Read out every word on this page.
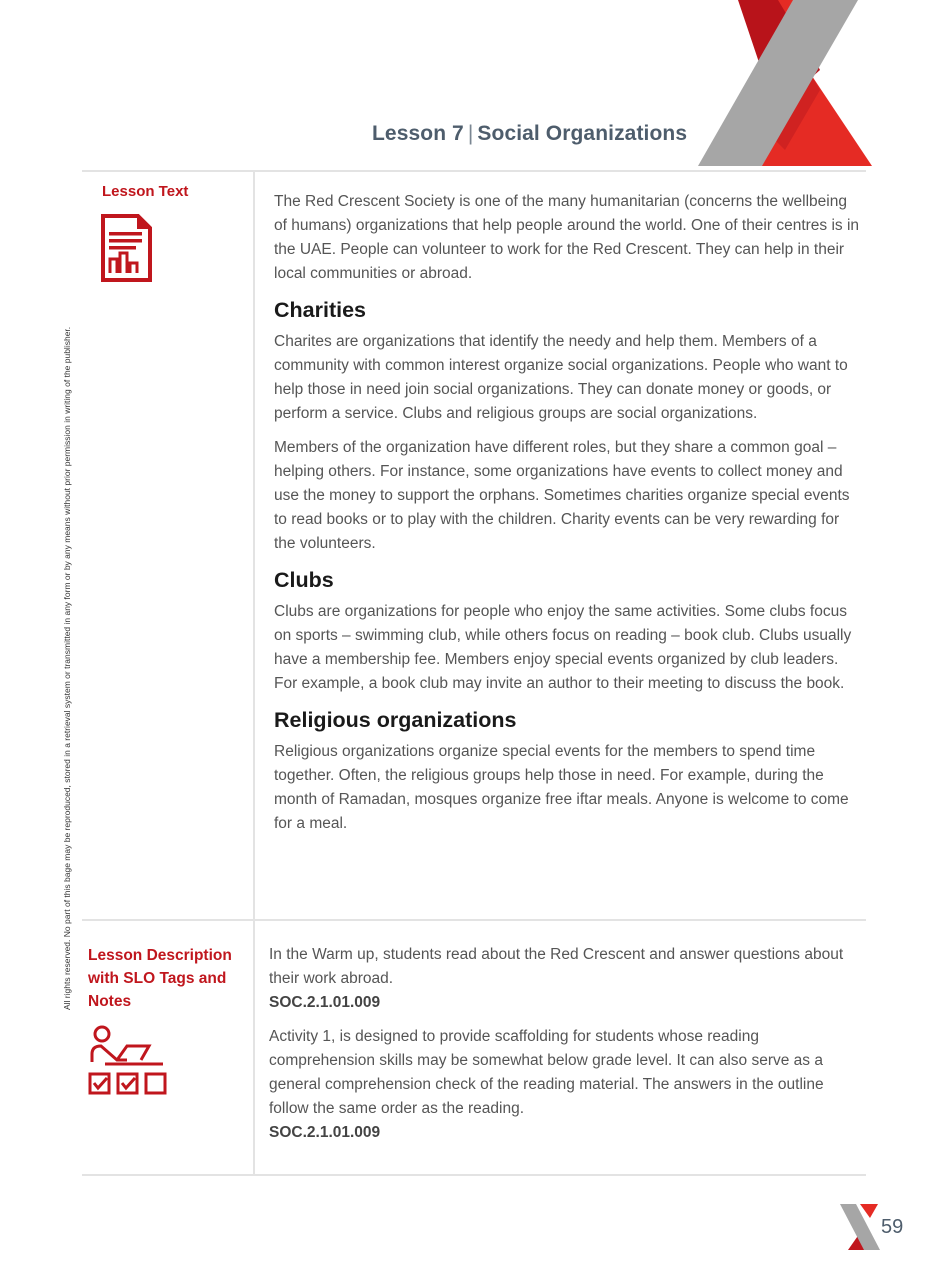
Lesson 7 | Social Organizations
All rights reserved. No part of this bage may be reproduced, stored in a retrieval system or transmitted in any form or by any means without prior permission in writing of the publisher.
Lesson Text

The Red Crescent Society is one of the many humanitarian (concerns the wellbeing of humans) organizations that help people around the world. One of their centres is in the UAE. People can volunteer to work for the Red Crescent. They can help in their local communities or abroad.

Charities

Charites are organizations that identify the needy and help them. Members of a community with common interest organize social organizations. People who want to help those in need join social organizations. They can donate money or goods, or perform a service. Clubs and religious groups are social organizations.

Members of the organization have different roles, but they share a common goal – helping others. For instance, some organizations have events to collect money and use the money to support the orphans. Sometimes charities organize special events to read books or to play with the children. Charity events can be very rewarding for the volunteers.

Clubs

Clubs are organizations for people who enjoy the same activities. Some clubs focus on sports – swimming club, while others focus on reading – book club. Clubs usually have a membership fee. Members enjoy special events organized by club leaders. For example, a book club may invite an author to their meeting to discuss the book.

Religious organizations

Religious organizations organize special events for the members to spend time together. Often, the religious groups help those in need. For example, during the month of Ramadan, mosques organize free iftar meals. Anyone is welcome to come for a meal.

Lesson Description with SLO Tags and Notes

In the Warm up, students read about the Red Crescent and answer questions about their work abroad.
SOC.2.1.01.009

Activity 1, is designed to provide scaffolding for students whose reading comprehension skills may be somewhat below grade level. It can also serve as a general comprehension check of the reading material. The answers in the outline follow the same order as the reading.
SOC.2.1.01.009

59
